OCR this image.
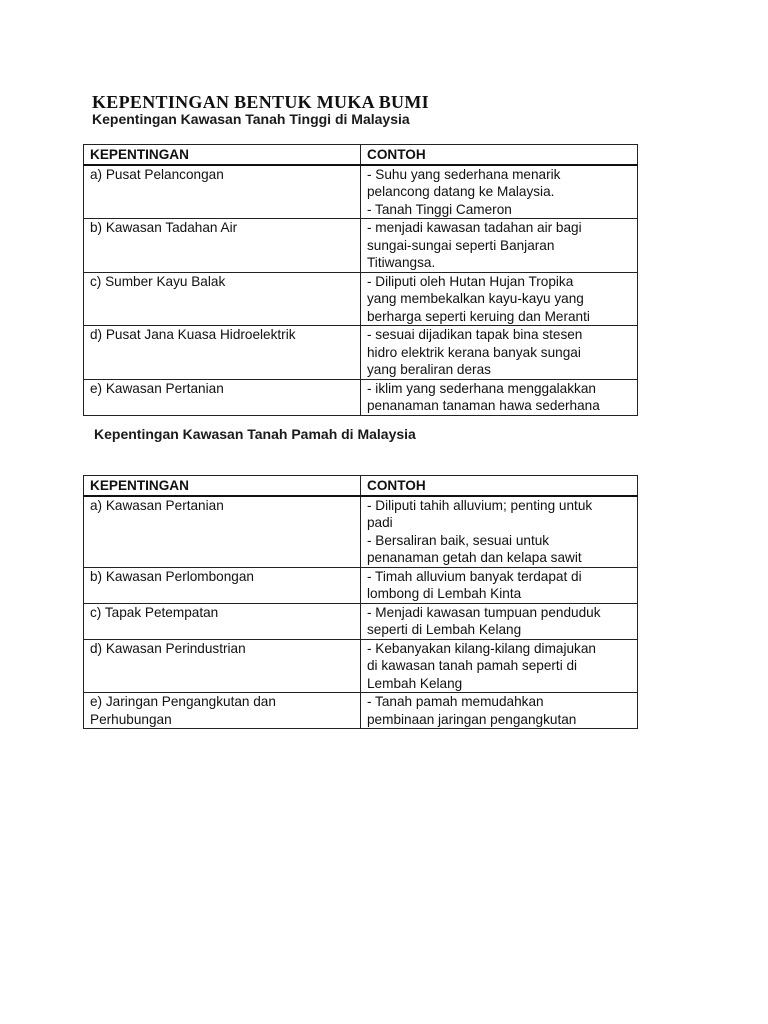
KEPENTINGAN BENTUK MUKA BUMI
Kepentingan Kawasan Tanah Tinggi di Malaysia
KEPENTINGAN	CONTOH

a) Pusat Pelancongan	- Suhu yang sederhana menarik
pelancong datang ke Malaysia.
- Tanah Tinggi Cameron

b) Kawasan Tadahan Air	- menjadi kawasan tadahan air bagi
sungai-sungai seperti Banjaran
Titiwangsa.

c) Sumber Kayu Balak	- Diliputi oleh Hutan Hujan Tropika
yang membekalkan kayu-kayu yang
berharga seperti keruing dan Meranti

d) Pusat Jana Kuasa Hidroelektrik	- sesuai dijadikan tapak bina stesen
hidro elektrik kerana banyak sungai
yang beraliran deras

e) Kawasan Pertanian	- iklim yang sederhana menggalakkan
penanaman tanaman hawa sederhana
Kepentingan Kawasan Tanah Pamah di Malaysia
KEPENTINGAN	CONTOH

a) Kawasan Pertanian	- Diliputi tahih alluvium; penting untuk
padi
- Bersaliran baik, sesuai untuk
penanaman getah dan kelapa sawit

b) Kawasan Perlombongan	- Timah alluvium banyak terdapat di
lombong di Lembah Kinta

c) Tapak Petempatan	- Menjadi kawasan tumpuan penduduk
seperti di Lembah Kelang

d) Kawasan Perindustrian	- Kebanyakan kilang-kilang dimajukan
di kawasan tanah pamah seperti di
Lembah Kelang

e) Jaringan Pengangkutan dan
Perhubungan	- Tanah pamah memudahkan
pembinaan jaringan pengangkutan
